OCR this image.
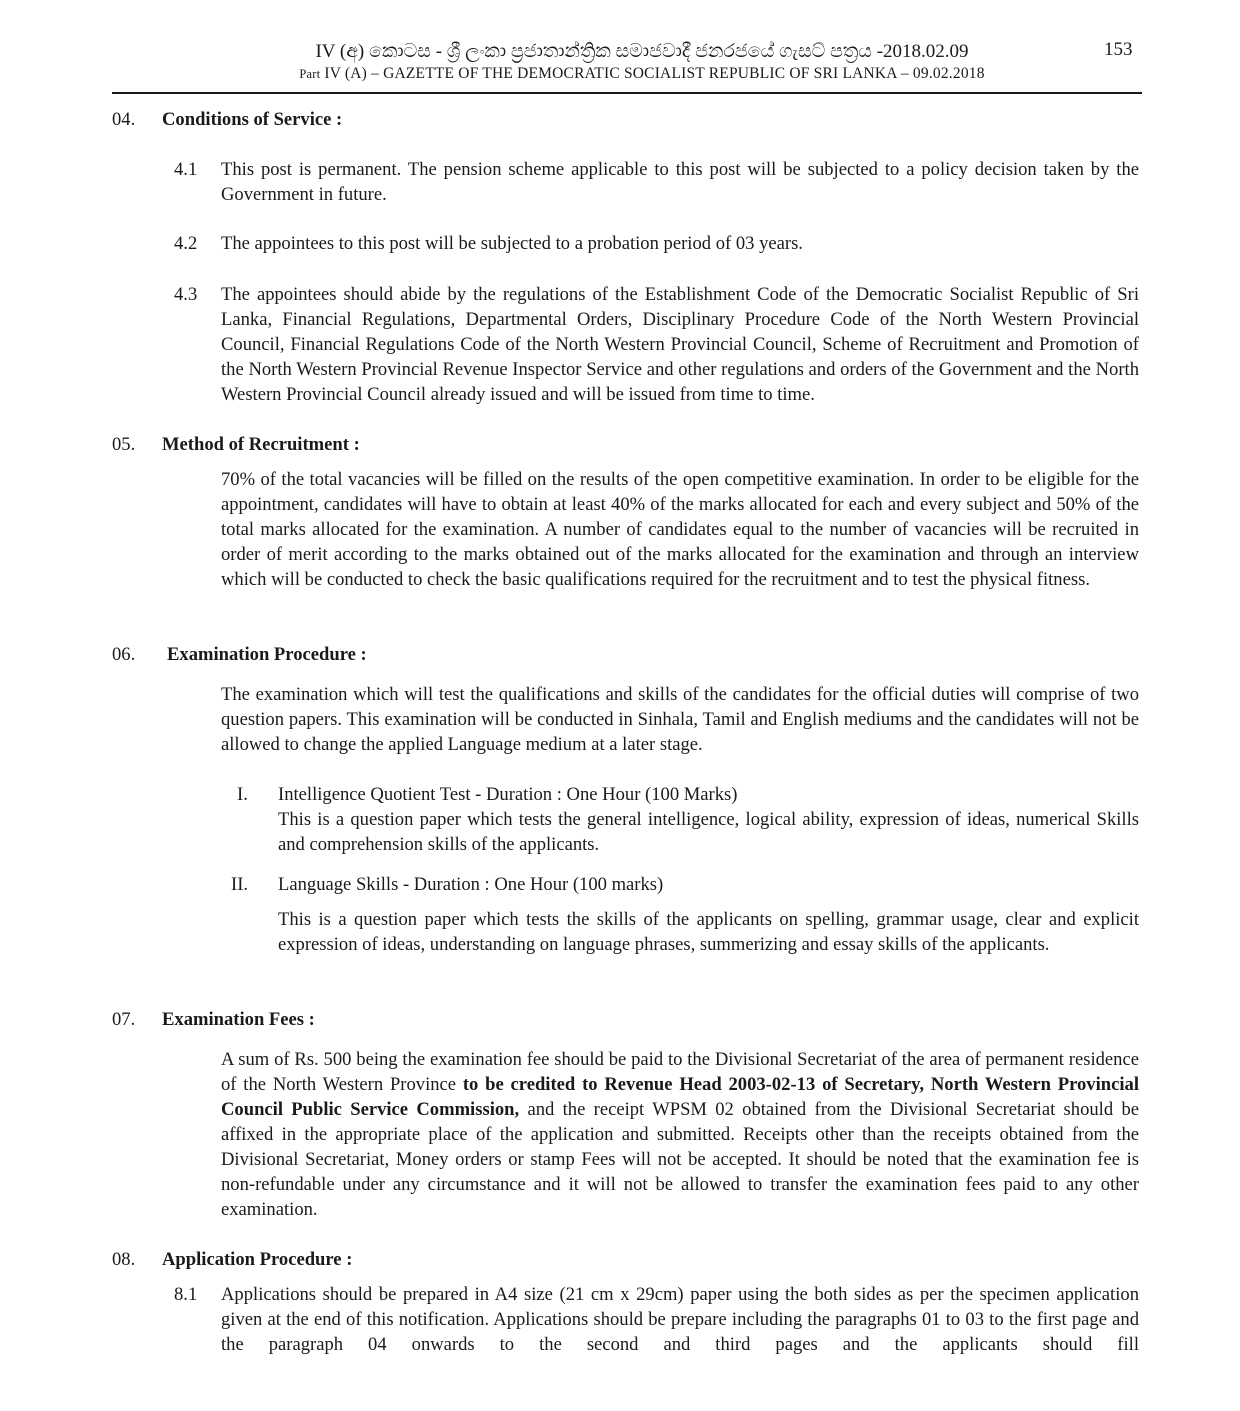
IV (අ) කොටස - ශ්‍රී ලංකා ප්‍රජාතාන්ත්‍රික සමාජවාදී ජනරජයේ ගැසට් පත්‍රය -2018.02.09
Part IV (A) – GAZETTE OF THE DEMOCRATIC SOCIALIST REPUBLIC OF SRI LANKA – 09.02.2018
153
04. Conditions of Service :
4.1 This post is permanent. The pension scheme applicable to this post will be subjected to a policy decision taken by the Government in future.
4.2 The appointees to this post will be subjected to a probation period of 03 years.
4.3 The appointees should abide by the regulations of the Establishment Code of the Democratic Socialist Republic of Sri Lanka, Financial Regulations, Departmental Orders, Disciplinary Procedure Code of the North Western Provincial Council, Financial Regulations Code of the North Western Provincial Council, Scheme of Recruitment and Promotion of the North Western Provincial Revenue Inspector Service and other regulations and orders of the Government and the North Western Provincial Council already issued and will be issued from time to time.
05. Method of Recruitment :
70% of the total vacancies will be filled on the results of the open competitive examination. In order to be eligible for the appointment, candidates will have to obtain at least 40% of the marks allocated for each and every subject and 50% of the total marks allocated for the examination. A number of candidates equal to the number of vacancies will be recruited in order of merit according to the marks obtained out of the marks allocated for the examination and through an interview which will be conducted to check the basic qualifications required for the recruitment and to test the physical fitness.
06. Examination Procedure :
The examination which will test the qualifications and skills of the candidates for the official duties will comprise of two question papers. This examination will be conducted in Sinhala, Tamil and English mediums and the candidates will not be allowed to change the applied Language medium at a later stage.
I. Intelligence Quotient Test - Duration : One Hour (100 Marks)
This is a question paper which tests the general intelligence, logical ability, expression of ideas, numerical Skills and comprehension skills of the applicants.
II. Language Skills - Duration : One Hour (100 marks)
This is a question paper which tests the skills of the applicants on spelling, grammar usage, clear and explicit expression of ideas, understanding on language phrases, summerizing and essay skills of the applicants.
07. Examination Fees :
A sum of Rs. 500 being the examination fee should be paid to the Divisional Secretariat of the area of permanent residence of the North Western Province to be credited to Revenue Head 2003-02-13 of Secretary, North Western Provincial Council Public Service Commission, and the receipt WPSM 02 obtained from the Divisional Secretariat should be affixed in the appropriate place of the application and submitted. Receipts other than the receipts obtained from the Divisional Secretariat, Money orders or stamp Fees will not be accepted. It should be noted that the examination fee is non-refundable under any circumstance and it will not be allowed to transfer the examination fees paid to any other examination.
08. Application Procedure :
8.1 Applications should be prepared in A4 size (21 cm x 29cm) paper using the both sides as per the specimen application given at the end of this notification. Applications should be prepare including the paragraphs 01 to 03 to the first page and the paragraph 04 onwards to the second and third pages and the applicants should fill
